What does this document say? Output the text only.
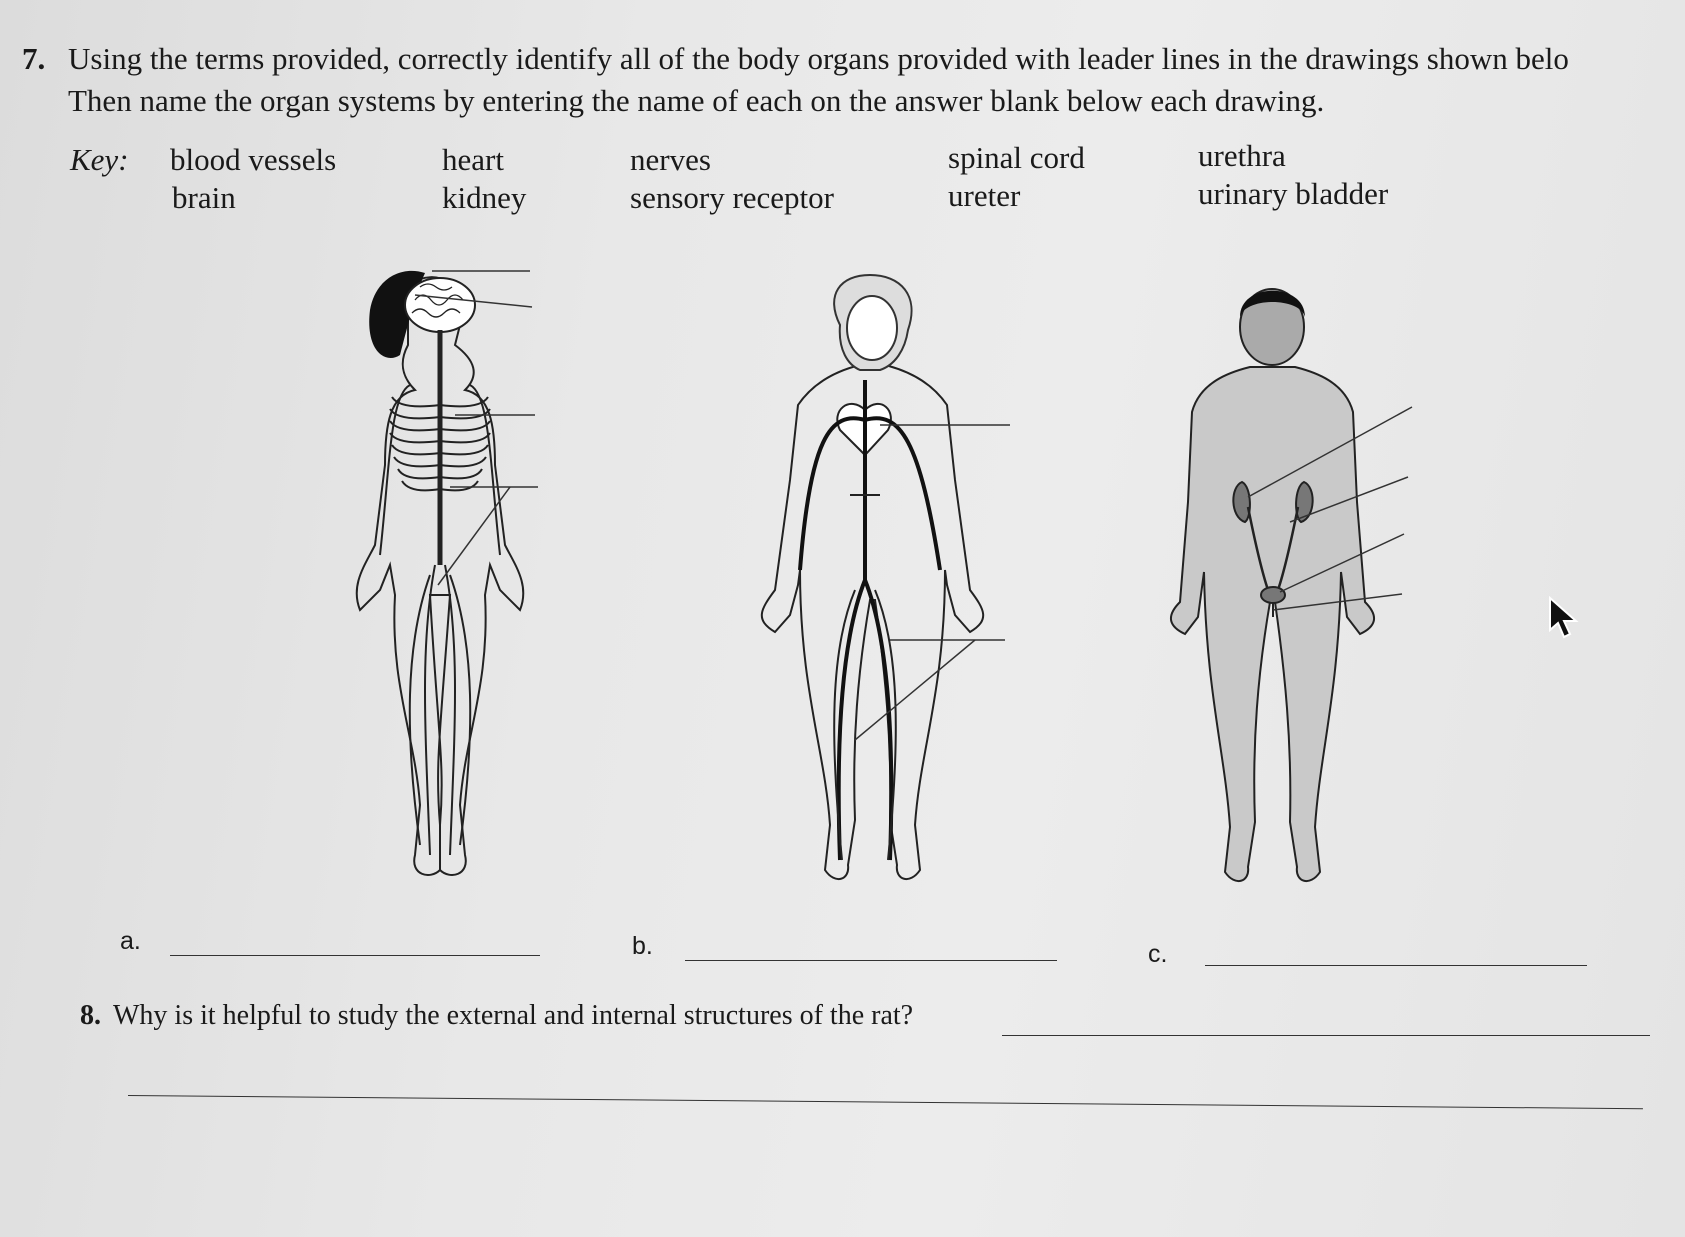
7. Using the terms provided, correctly identify all of the body organs provided with leader lines in the drawings shown belo
Then name the organ systems by entering the name of each on the answer blank below each drawing.
Key: blood vessels
brain
heart
kidney
nerves
sensory receptor
spinal cord
ureter
urethra
urinary bladder
a.	b.	c.
8. Why is it helpful to study the external and internal structures of the rat?
